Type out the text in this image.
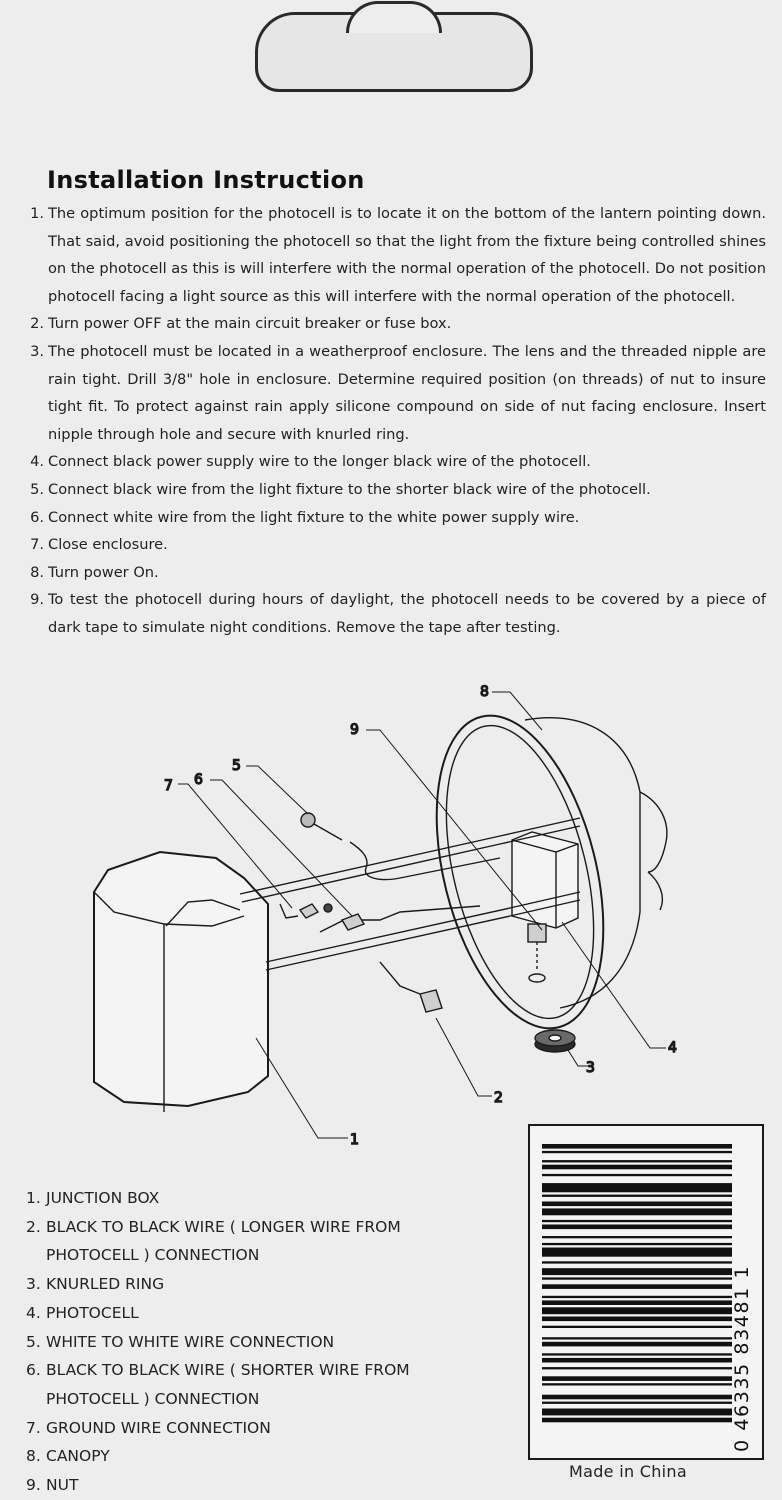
Installation Instruction
1. The optimum position for the photocell is to locate it on the bottom of the lantern pointing down. That said, avoid positioning the photocell so that the light from the fixture being controlled shines on the photocell as this is will interfere with the normal operation of the photocell. Do not position photocell facing a light source as this will interfere with the normal operation of the photocell.
2. Turn power OFF at the main circuit breaker or fuse box.
3. The photocell must be located in a weatherproof enclosure. The lens and the threaded nipple are rain tight. Drill 3/8" hole in enclosure. Determine required position (on threads) of nut to insure tight fit. To protect against rain apply silicone compound on side of nut facing enclosure. Insert nipple through hole and secure with knurled ring.
4. Connect black power supply wire to the longer black wire of the photocell.
5. Connect black wire from the light fixture to the shorter black wire of the photocell.
6. Connect white wire from the light fixture to the white power supply wire.
7. Close enclosure.
8. Turn power On.
9. To test the photocell during hours of daylight, the photocell needs to be covered by a piece of dark tape to simulate night conditions. Remove the tape after testing.
8
9
5
6
7
4
2
3
1
1. JUNCTION BOX
2. BLACK TO BLACK WIRE ( LONGER WIRE FROM PHOTOCELL ) CONNECTION
3. KNURLED RING
4. PHOTOCELL
5. WHITE TO WHITE WIRE CONNECTION
6. BLACK TO BLACK WIRE ( SHORTER WIRE FROM PHOTOCELL ) CONNECTION
7. GROUND WIRE CONNECTION
8. CANOPY
9. NUT
0 46335 83481 1
Made in China
